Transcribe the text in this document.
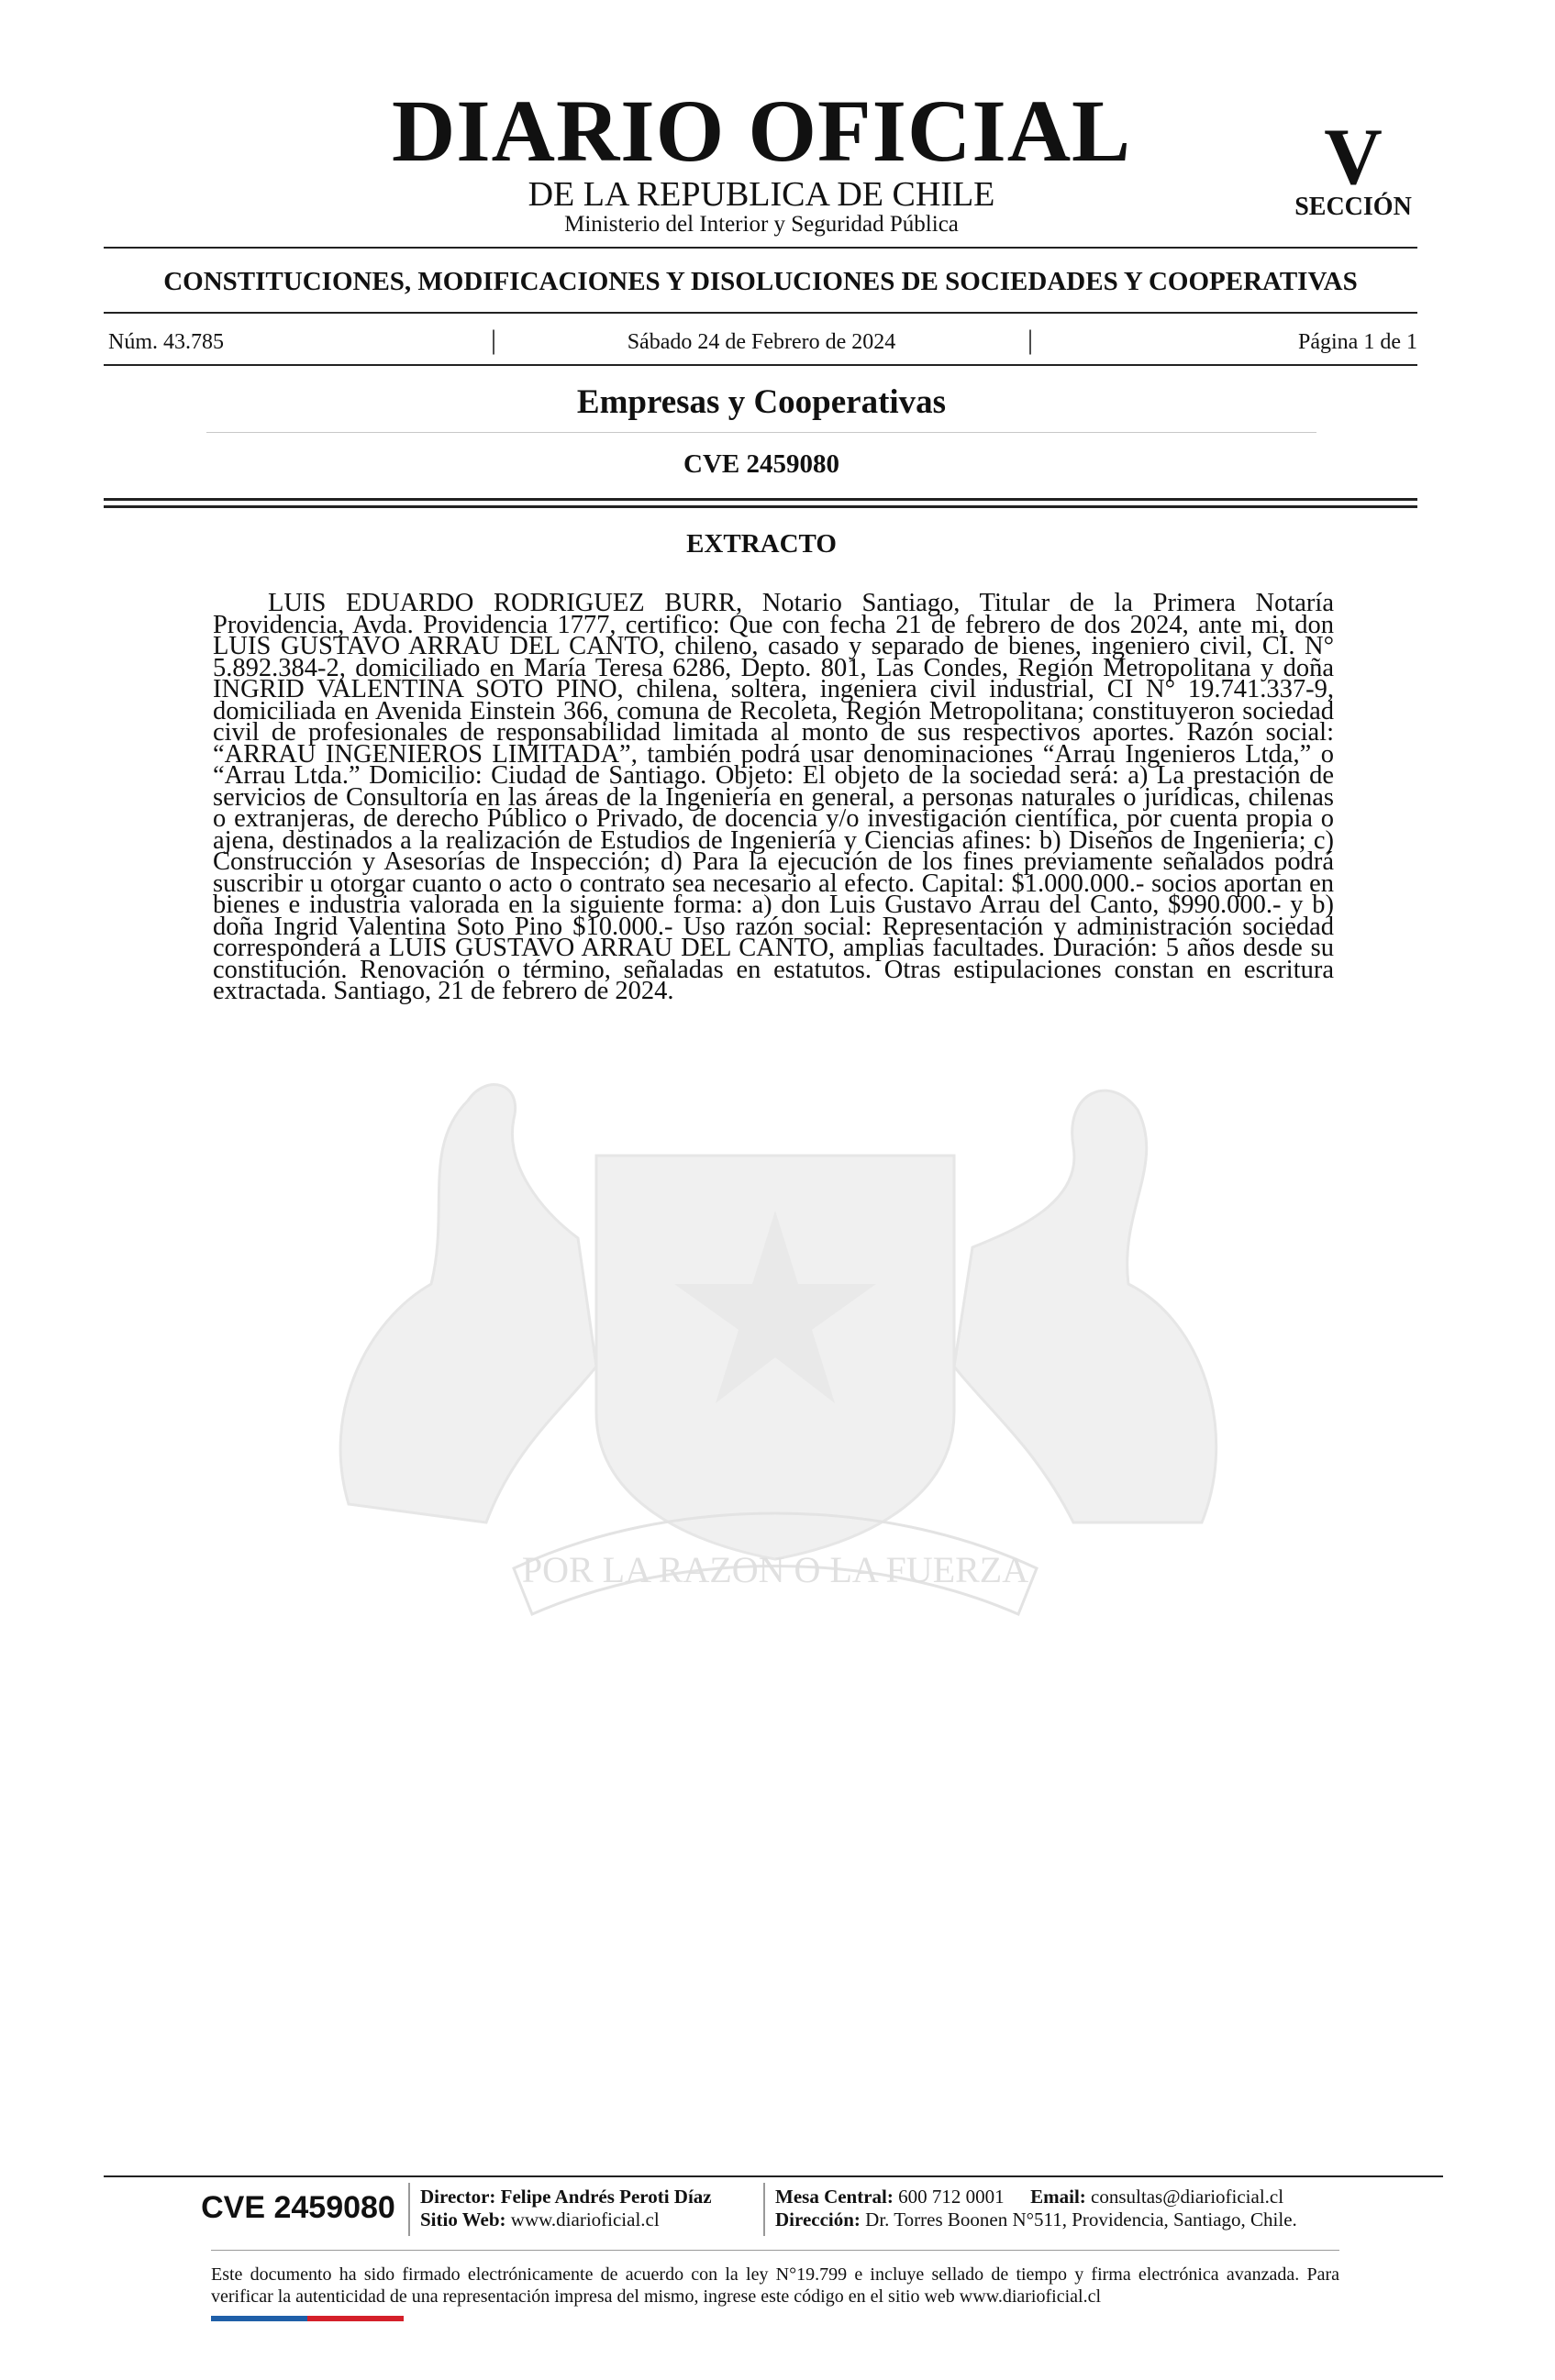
POR LA RAZON O LA FUERZA
DIARIO OFICIAL
DE LA REPUBLICA DE CHILE
Ministerio del Interior y Seguridad Pública
V
SECCIÓN
CONSTITUCIONES, MODIFICACIONES Y DISOLUCIONES DE SOCIEDADES Y COOPERATIVAS
Núm. 43.785	|	Sábado 24 de Febrero de 2024	|	Página 1 de 1
Empresas y Cooperativas
CVE 2459080
EXTRACTO

LUIS EDUARDO RODRIGUEZ BURR, Notario Santiago, Titular de la Primera Notaría Providencia, Avda. Providencia 1777, certifico: Que con fecha 21 de febrero de dos 2024, ante mi, don LUIS GUSTAVO ARRAU DEL CANTO, chileno, casado y separado de bienes, ingeniero civil, CI. N° 5.892.384-2, domiciliado en María Teresa 6286, Depto. 801, Las Condes, Región Metropolitana y doña INGRID VALENTINA SOTO PINO, chilena, soltera, ingeniera civil industrial, CI N° 19.741.337-9, domiciliada en Avenida Einstein 366, comuna de Recoleta, Región Metropolitana; constituyeron sociedad civil de profesionales de responsabilidad limitada al monto de sus respectivos aportes. Razón social: “ARRAU INGENIEROS LIMITADA”, también podrá usar denominaciones “Arrau Ingenieros Ltda,” o “Arrau Ltda.” Domicilio: Ciudad de Santiago. Objeto: El objeto de la sociedad será: a) La prestación de servicios de Consultoría en las áreas de la Ingeniería en general, a personas naturales o jurídicas, chilenas o extranjeras, de derecho Público o Privado, de docencia y/o investigación científica, por cuenta propia o ajena, destinados a la realización de Estudios de Ingeniería y Ciencias afines: b) Diseños de Ingeniería; c) Construcción y Asesorías de Inspección; d) Para la ejecución de los fines previamente señalados podrá suscribir u otorgar cuanto o acto o contrato sea necesario al efecto. Capital: $1.000.000.- socios aportan en bienes e industria valorada en la siguiente forma: a) don Luis Gustavo Arrau del Canto, $990.000.- y b) doña Ingrid Valentina Soto Pino $10.000.- Uso razón social: Representación y administración sociedad corresponderá a LUIS GUSTAVO ARRAU DEL CANTO, amplias facultades. Duración: 5 años desde su constitución. Renovación o término, señaladas en estatutos. Otras estipulaciones constan en escritura extractada. Santiago, 21 de febrero de 2024.

CVE 2459080	Director: Felipe Andrés Peroti Díaz
Sitio Web: www.diarioficial.cl
Mesa Central: 600 712 0001 Email: consultas@diarioficial.cl
Dirección: Dr. Torres Boonen N°511, Providencia, Santiago, Chile.
Este documento ha sido firmado electrónicamente de acuerdo con la ley N°19.799 e incluye sellado de tiempo y firma electrónica avanzada. Para verificar la autenticidad de una representación impresa del mismo, ingrese este código en el sitio web www.diarioficial.cl
